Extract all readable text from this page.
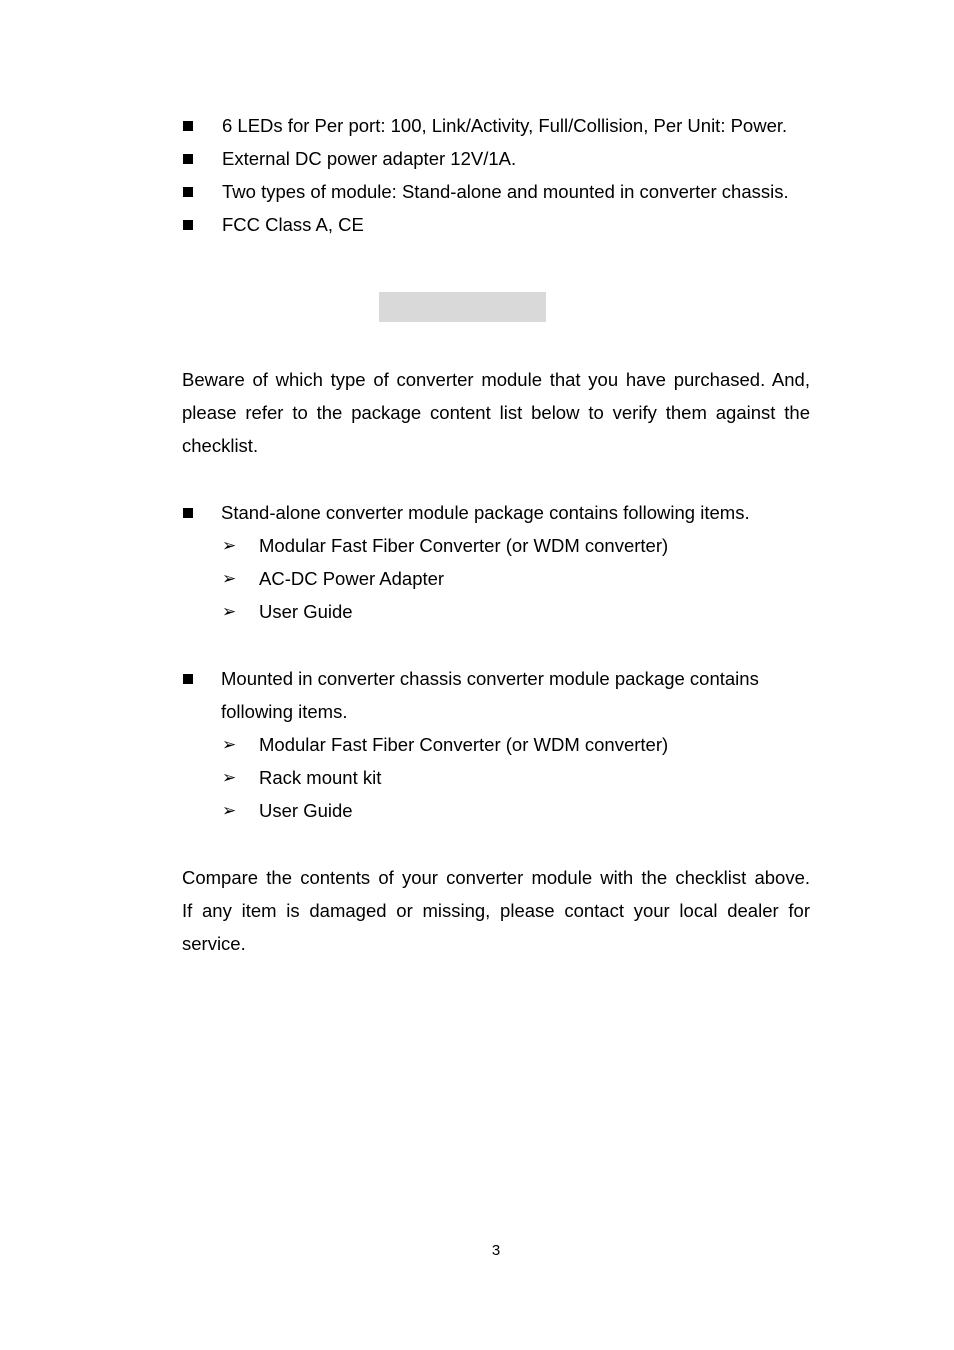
6 LEDs for Per port: 100, Link/Activity, Full/Collision, Per Unit: Power.
External DC power adapter 12V/1A.
Two types of module: Stand-alone and mounted in converter chassis.
FCC Class A, CE
Beware of which type of converter module that you have purchased. And,
please refer to the package content list below to verify them against the
checklist.
Stand-alone converter module package contains following items.
➢ Modular Fast Fiber Converter (or WDM converter)
➢ AC-DC Power Adapter
➢ User Guide
Mounted in converter chassis converter module package contains
following items.
➢ Modular Fast Fiber Converter (or WDM converter)
➢ Rack mount kit
➢ User Guide
Compare the contents of your converter module with the checklist above.
If any item is damaged or missing, please contact your local dealer for
service.
3
